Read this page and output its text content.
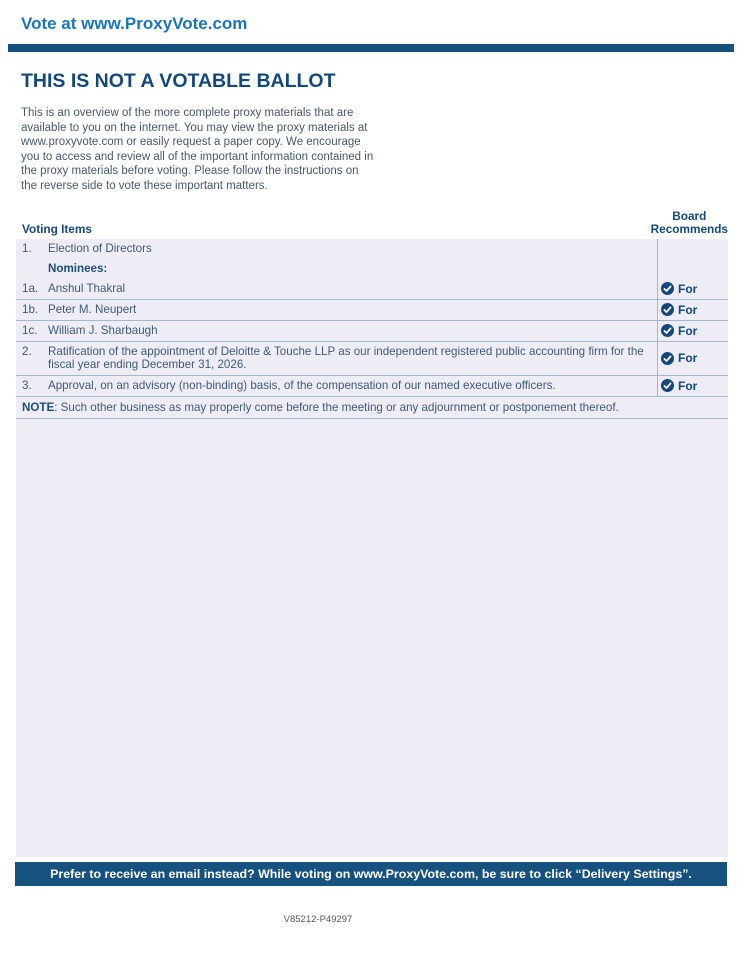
Vote at www.ProxyVote.com
THIS IS NOT A VOTABLE BALLOT

This is an overview of the more complete proxy materials that are available to you on the internet. You may view the proxy materials at www.proxyvote.com or easily request a paper copy. We encourage you to access and review all of the important information contained in the proxy materials before voting. Please follow the instructions on the reverse side to vote these important matters.

Voting Items
Board
Recommends
1.	Election of Directors
Nominees:
1a. Anshul Thakral	For
1b. Peter M. Neupert	For
1c. William J. Sharbaugh	For
2.	Ratification of the appointment of Deloitte & Touche LLP as our independent registered public accounting firm for the fiscal year ending December 31, 2026.	For
3.	Approval, on an advisory (non-binding) basis, of the compensation of our named executive officers.	For
NOTE : Such other business as may properly come before the meeting or any adjournment or postponement thereof.
Prefer to receive an email instead? While voting on www.ProxyVote.com, be sure to click “Delivery Settings”.
V85212-P49297
